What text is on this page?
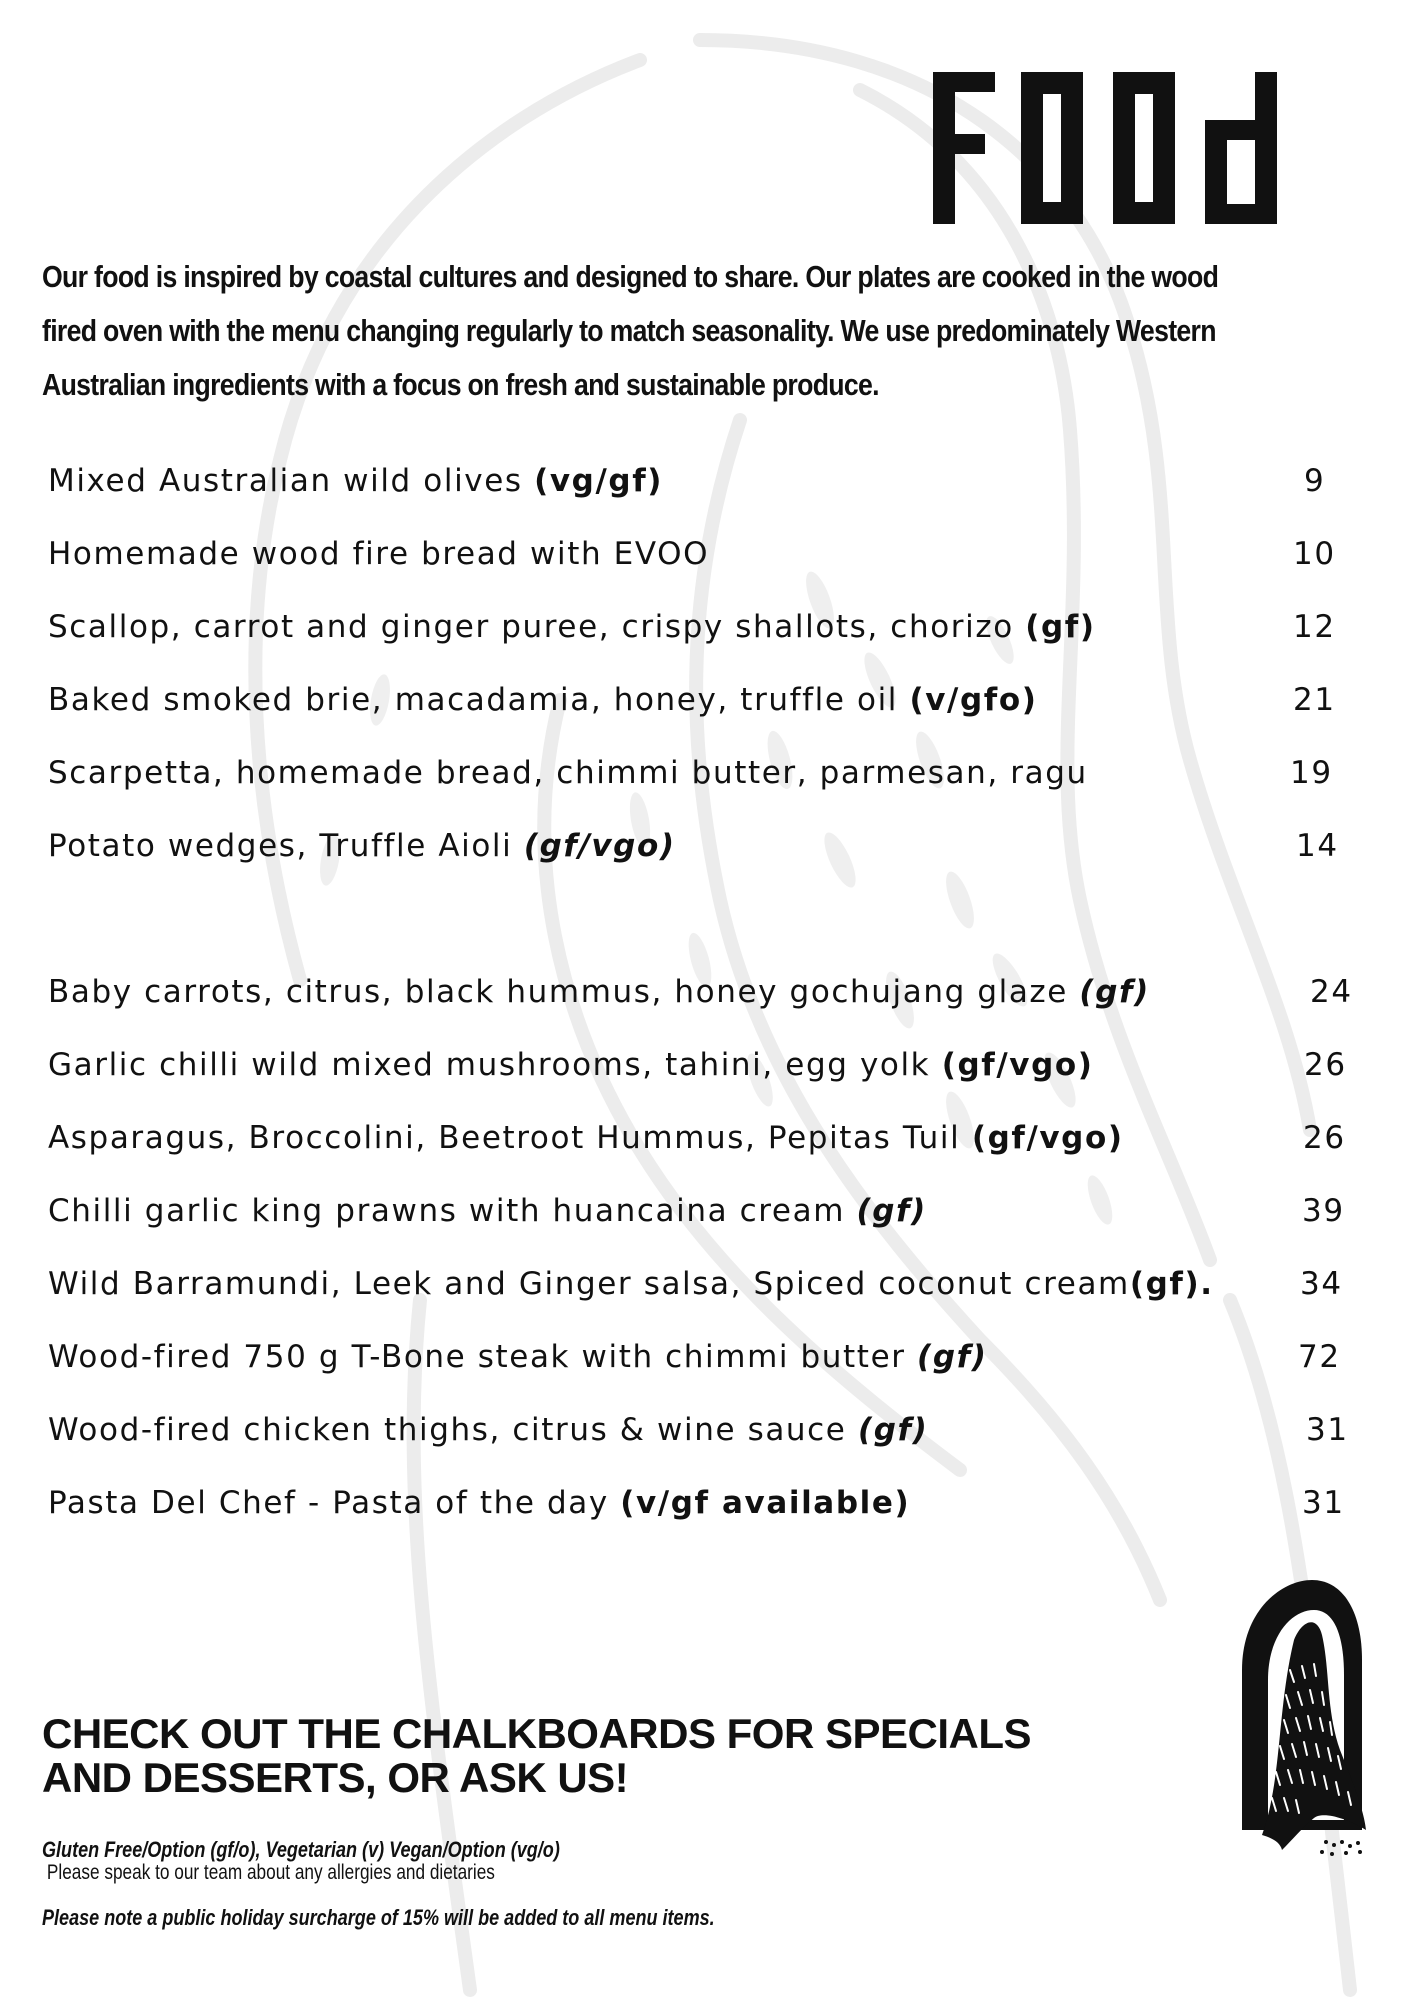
Our food is inspired by coastal cultures and designed to share. Our plates are cooked in the wood
fired oven with the menu changing regularly to match seasonality. We use predominately Western
Australian ingredients with a focus on fresh and sustainable produce.
Mixed Australian wild olives (vg/gf)	9
Homemade wood fire bread with EVOO	10
Scallop, carrot and ginger puree, crispy shallots, chorizo (gf)	12
Baked smoked brie, macadamia, honey, truffle oil (v/gfo)	21
Scarpetta, homemade bread, chimmi butter, parmesan, ragu	19
Potato wedges, Truffle Aioli (gf/vgo)	14
Baby carrots, citrus, black hummus, honey gochujang glaze (gf)	24
Garlic chilli wild mixed mushrooms, tahini, egg yolk (gf/vgo)	26
Asparagus, Broccolini, Beetroot Hummus, Pepitas Tuil (gf/vgo)	26
Chilli garlic king prawns with huancaina cream (gf)	39
Wild Barramundi, Leek and Ginger salsa, Spiced coconut cream(gf).	34
Wood-fired 750 g T-Bone steak with chimmi butter (gf)	72
Wood-fired chicken thighs, citrus & wine sauce (gf)	31
Pasta Del Chef - Pasta of the day (v/gf available)	31
CHECK OUT THE CHALKBOARDS FOR SPECIALS
AND DESSERTS, OR ASK US!
Gluten Free/Option (gf/o), Vegetarian (v) Vegan/Option (vg/o)
Please speak to our team about any allergies and dietaries
Please note a public holiday surcharge of 15% will be added to all menu items.
